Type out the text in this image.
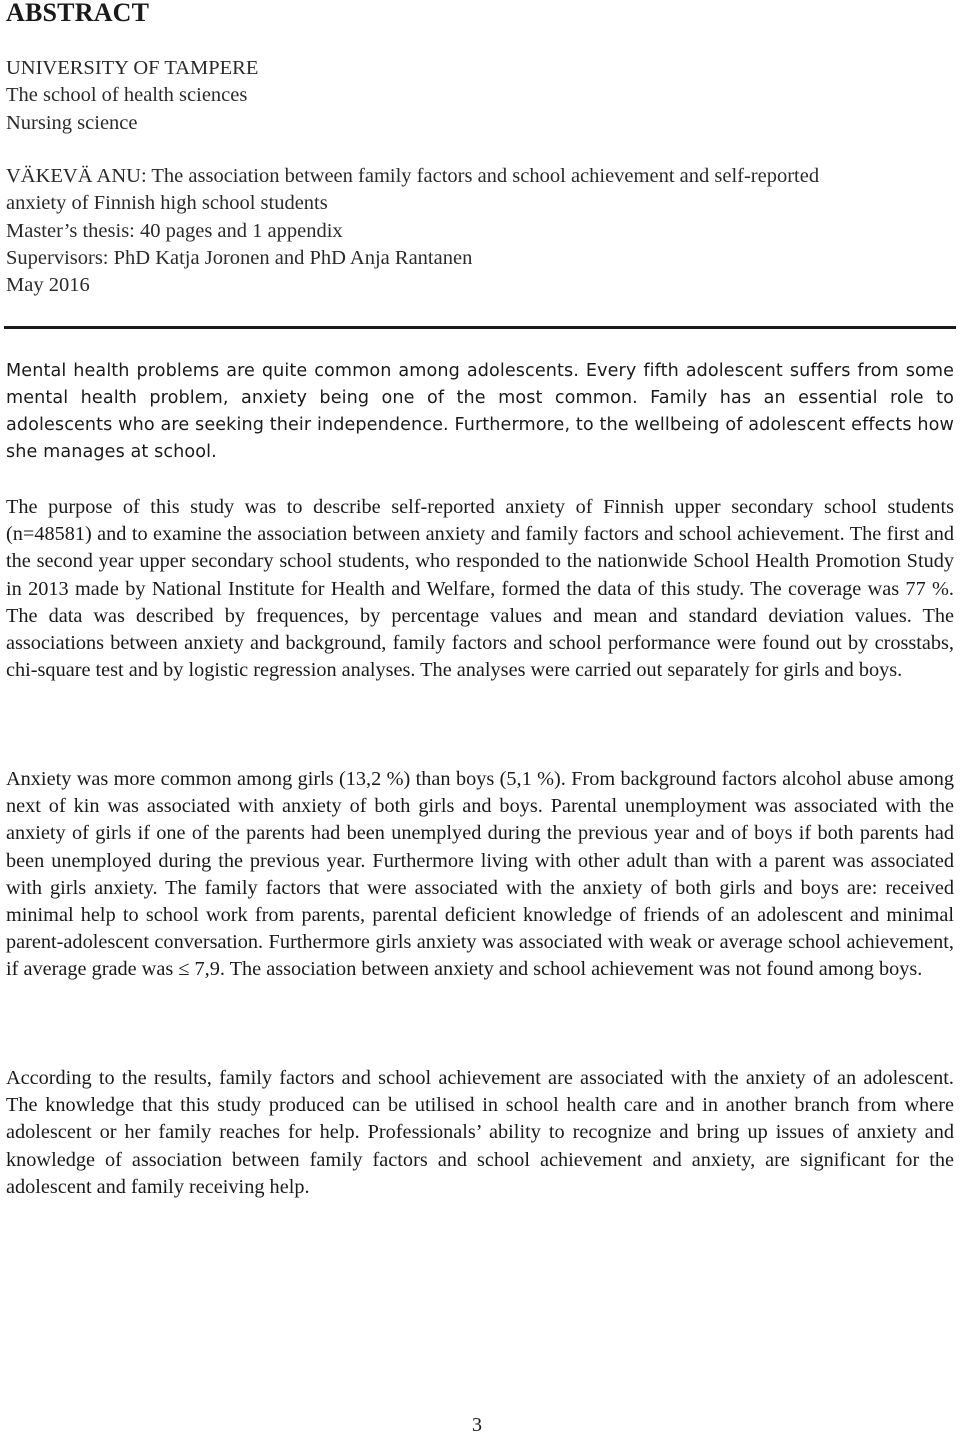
ABSTRACT
UNIVERSITY OF TAMPERE
The school of health sciences
Nursing science
VÄKEVÄ ANU: The association between family factors and school achievement and self-reported
anxiety of Finnish high school students
Master’s thesis: 40 pages and 1 appendix
Supervisors: PhD Katja Joronen and PhD Anja Rantanen
May 2016

Mental health problems are quite common among adolescents. Every fifth adolescent suffers from some mental health problem, anxiety being one of the most common. Family has an essential role to adolescents who are seeking their independence. Furthermore, to the wellbeing of adolescent effects how she manages at school.

The purpose of this study was to describe self-reported anxiety of Finnish upper secondary school students (n=48581) and to examine the association between anxiety and family factors and school achievement. The first and the second year upper secondary school students, who responded to the nationwide School Health Promotion Study in 2013 made by National Institute for Health and Welfare, formed the data of this study. The coverage was 77 %. The data was described by frequences, by percentage values and mean and standard deviation values. The associations between anxiety and background, family factors and school performance were found out by crosstabs, chi-square test and by logistic regression analyses. The analyses were carried out separately for girls and boys.

Anxiety was more common among girls (13,2 %) than boys (5,1 %). From background factors alcohol abuse among next of kin was associated with anxiety of both girls and boys. Parental unemployment was associated with the anxiety of girls if one of the parents had been unemplyed during the previous year and of boys if both parents had been unemployed during the previous year. Furthermore living with other adult than with a parent was associated with girls anxiety. The family factors that were associated with the anxiety of both girls and boys are: received minimal help to school work from parents, parental deficient knowledge of friends of an adolescent and minimal parent-adolescent conversation. Furthermore girls anxiety was associated with weak or average school achievement, if average grade was ≤ 7,9. The association between anxiety and school achievement was not found among boys.

According to the results, family factors and school achievement are associated with the anxiety of an adolescent. The knowledge that this study produced can be utilised in school health care and in another branch from where adolescent or her family reaches for help. Professionals’ ability to recognize and bring up issues of anxiety and knowledge of association between family factors and school achievement and anxiety, are significant for the adolescent and family receiving help.

3
